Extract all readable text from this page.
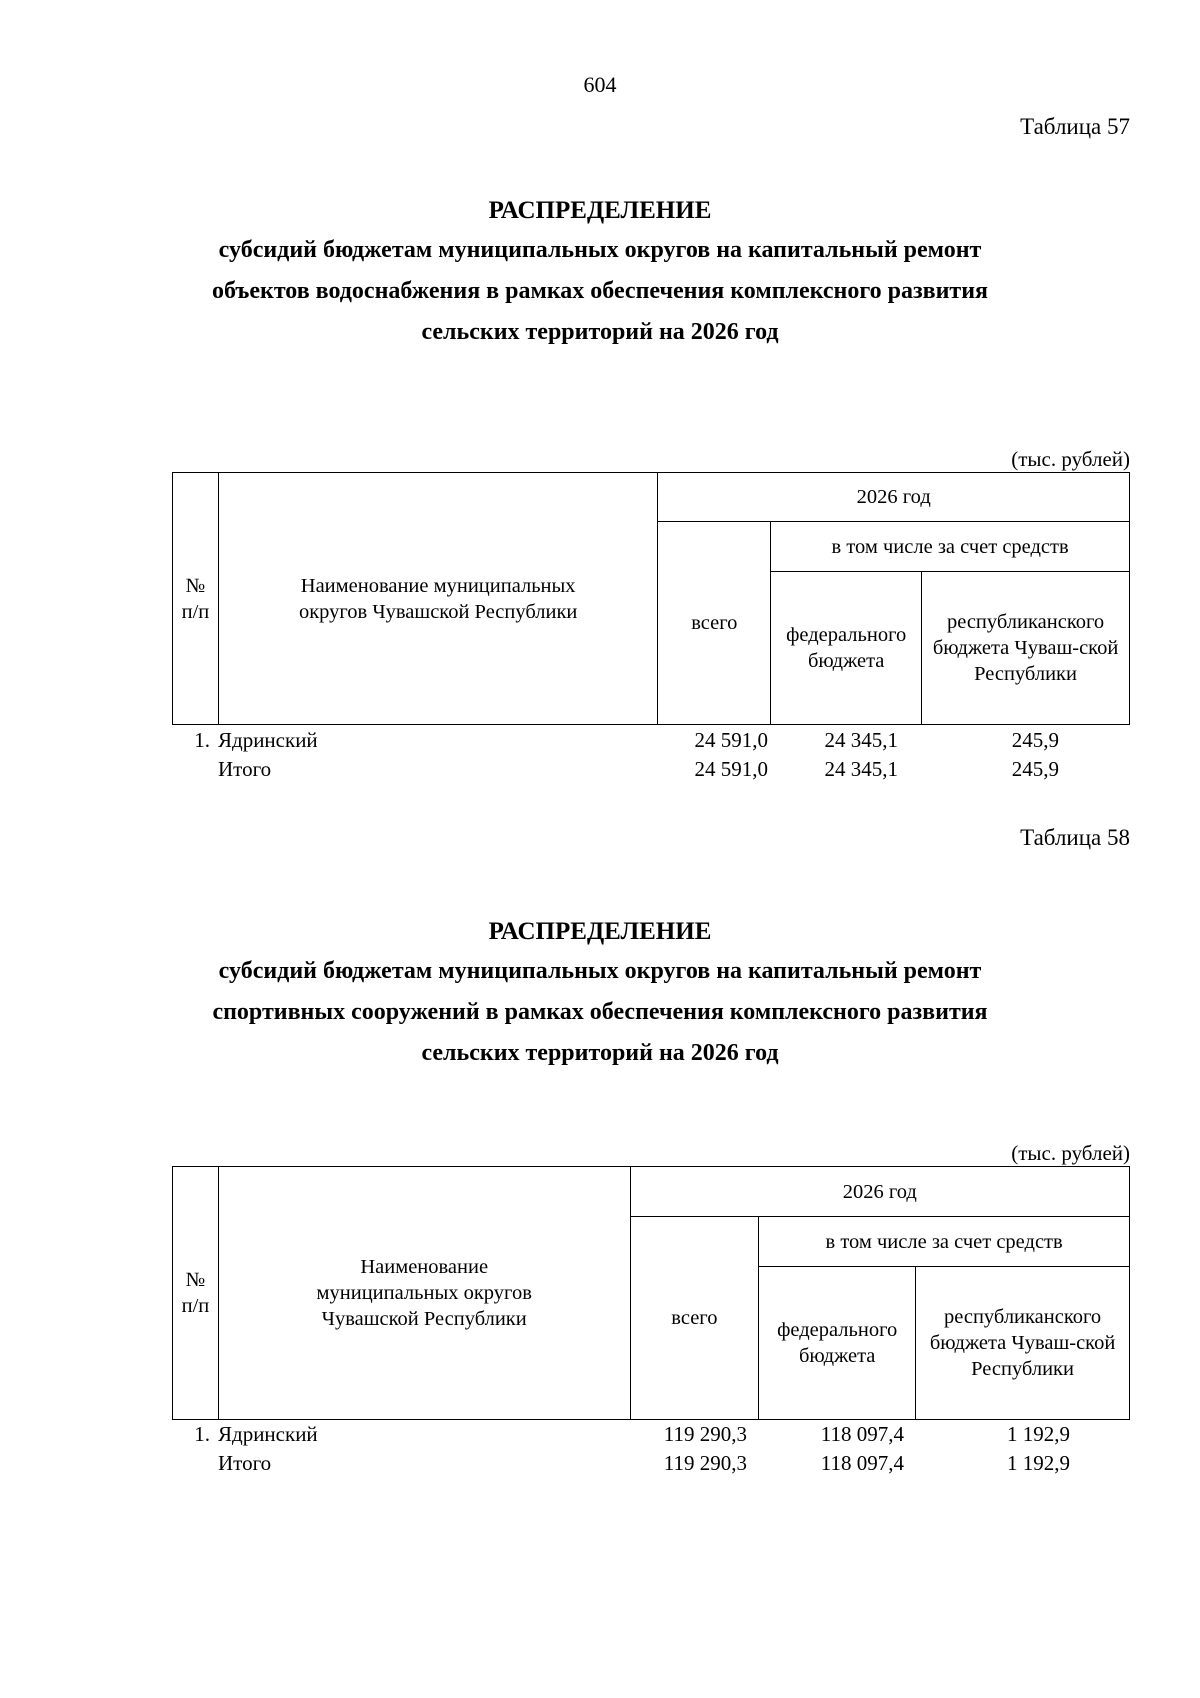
604
Таблица 57
РАСПРЕДЕЛЕНИЕ
субсидий бюджетам муниципальных округов на капитальный ремонт
объектов водоснабжения в рамках обеспечения комплексного развития
сельских территорий на 2026 год
(тыс. рублей)
№ п/п	Наименование муниципальных округов Чувашской Республики	2026 год		
		всего	в том числе за счет средств	
			федерального бюджета	республиканского бюджета Чуваш-ской Республики
1. Ядринский	24 591,0	24 345,1	245,9
Итого	24 591,0	24 345,1	245,9
Таблица 58
РАСПРЕДЕЛЕНИЕ
субсидий бюджетам муниципальных округов на капитальный ремонт
спортивных сооружений в рамках обеспечения комплексного развития
сельских территорий на 2026 год
(тыс. рублей)
№ п/п	Наименование муниципальных округов Чувашской Республики	2026 год		
		всего	в том числе за счет средств	
			федерального бюджета	республиканского бюджета Чуваш-ской Республики
1. Ядринский	119 290,3	118 097,4	1 192,9
Итого	119 290,3	118 097,4	1 192,9
